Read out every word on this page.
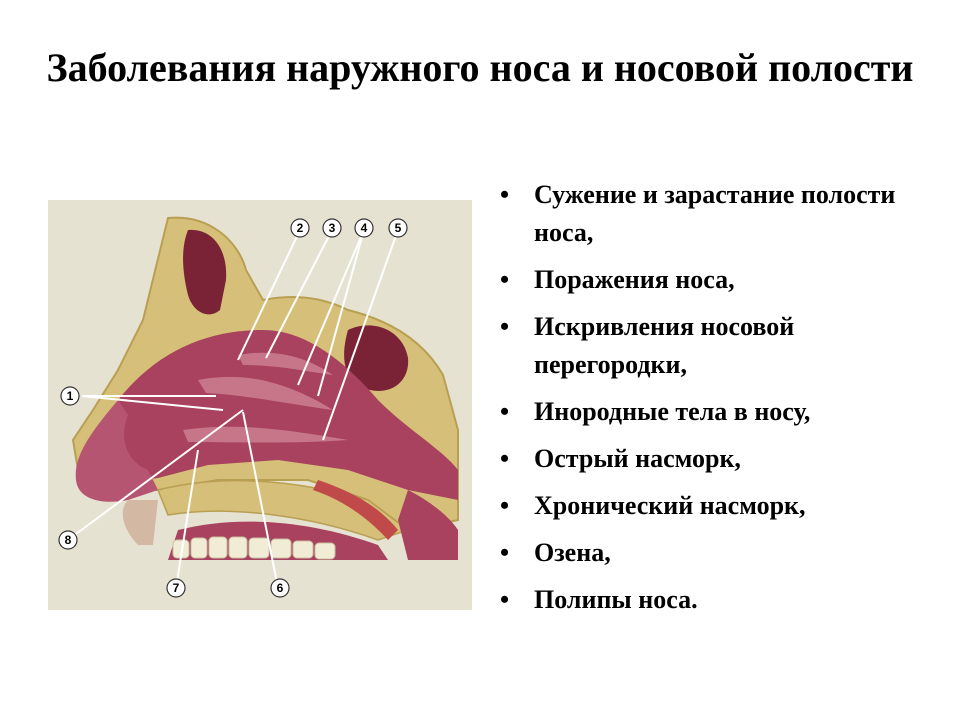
Заболевания наружного носа и носовой полости
1
2 3 4 5
6
7
8
• Сужение и зарастание полости носа,
• Поражения носа,
• Искривления носовой перегородки,
• Инородные тела в носу,
• Острый насморк,
• Хронический насморк,
• Озена,
• Полипы носа.
